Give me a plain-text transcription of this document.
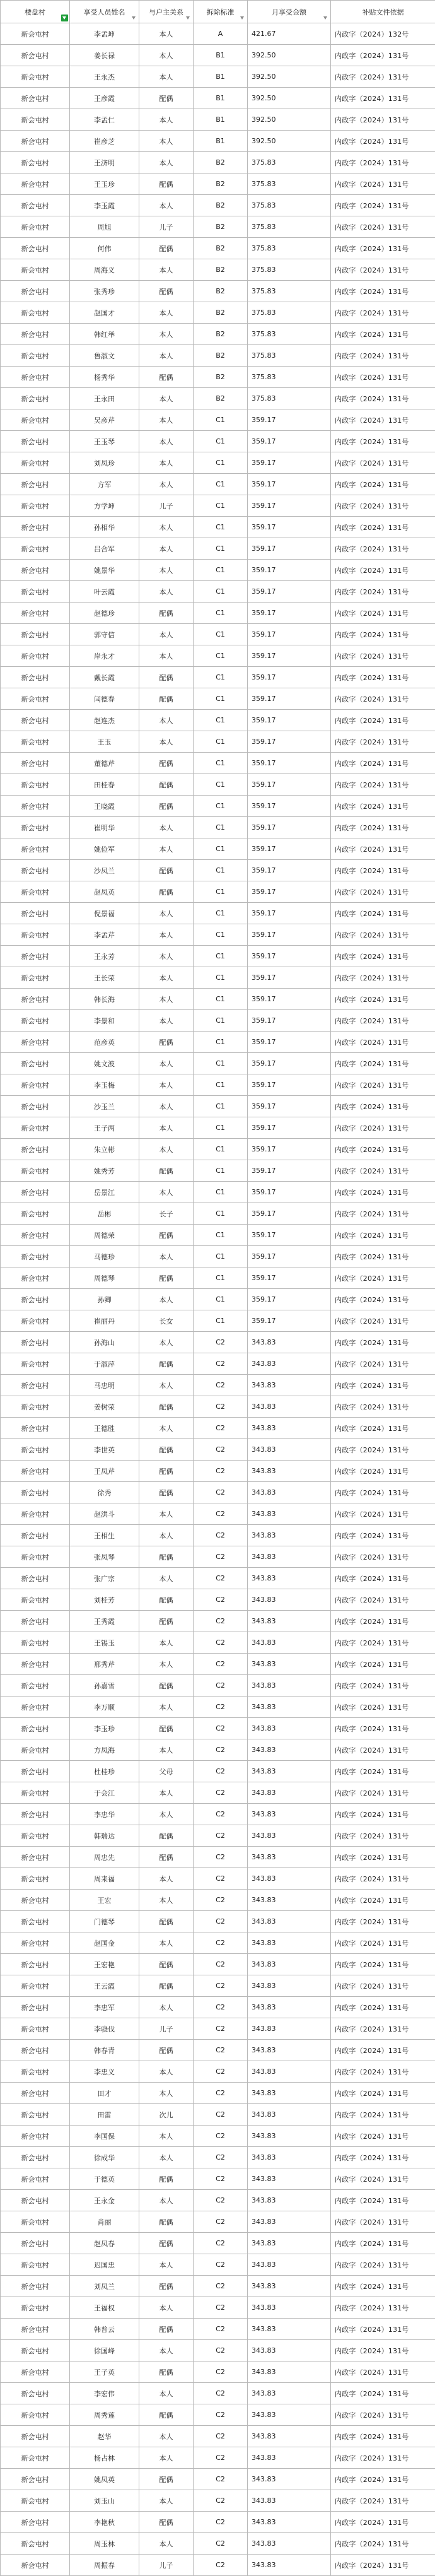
楼盘村	享受人员姓名	与户主关系	拆除标准	月享受金额	补贴文件依据
新会屯村	李孟坤	本人	A	421.67	内政字（2024）132号
新会屯村	姜长禄	本人	B1	392.50	内政字（2024）131号
新会屯村	王永杰	本人	B1	392.50	内政字（2024）131号
新会屯村	王彦霞	配偶	B1	392.50	内政字（2024）131号
新会屯村	李孟仁	本人	B1	392.50	内政字（2024）131号
新会屯村	崔彦芝	本人	B1	392.50	内政字（2024）131号
新会屯村	王济明	本人	B2	375.83	内政字（2024）131号
新会屯村	王玉珍	配偶	B2	375.83	内政字（2024）131号
新会屯村	李玉霞	本人	B2	375.83	内政字（2024）131号
新会屯村	周旭	儿子	B2	375.83	内政字（2024）131号
新会屯村	何伟	配偶	B2	375.83	内政字（2024）131号
新会屯村	周海义	本人	B2	375.83	内政字（2024）131号
新会屯村	张秀珍	配偶	B2	375.83	内政字（2024）131号
新会屯村	赵国才	本人	B2	375.83	内政字（2024）131号
新会屯村	韩红举	本人	B2	375.83	内政字（2024）131号
新会屯村	鲁淑文	本人	B2	375.83	内政字（2024）131号
新会屯村	杨秀华	配偶	B2	375.83	内政字（2024）131号
新会屯村	王永田	本人	B2	375.83	内政字（2024）131号
新会屯村	吴彦芹	本人	C1	359.17	内政字（2024）131号
新会屯村	王玉琴	本人	C1	359.17	内政字（2024）131号
新会屯村	刘凤珍	本人	C1	359.17	内政字（2024）131号
新会屯村	方军	本人	C1	359.17	内政字（2024）131号
新会屯村	方学坤	儿子	C1	359.17	内政字（2024）131号
新会屯村	孙相华	本人	C1	359.17	内政字（2024）131号
新会屯村	吕合军	本人	C1	359.17	内政字（2024）131号
新会屯村	姚景华	本人	C1	359.17	内政字（2024）131号
新会屯村	叶云霞	本人	C1	359.17	内政字（2024）131号
新会屯村	赵德珍	配偶	C1	359.17	内政字（2024）131号
新会屯村	郭守信	本人	C1	359.17	内政字（2024）131号
新会屯村	岸永才	本人	C1	359.17	内政字（2024）131号
新会屯村	戴长霞	配偶	C1	359.17	内政字（2024）131号
新会屯村	闫德春	配偶	C1	359.17	内政字（2024）131号
新会屯村	赵连杰	本人	C1	359.17	内政字（2024）131号
新会屯村	王玉	本人	C1	359.17	内政字（2024）131号
新会屯村	董德芹	配偶	C1	359.17	内政字（2024）131号
新会屯村	田桂春	配偶	C1	359.17	内政字（2024）131号
新会屯村	王晓霞	配偶	C1	359.17	内政字（2024）131号
新会屯村	崔明华	本人	C1	359.17	内政字（2024）131号
新会屯村	姚俭军	本人	C1	359.17	内政字（2024）131号
新会屯村	沙凤兰	配偶	C1	359.17	内政字（2024）131号
新会屯村	赵凤英	配偶	C1	359.17	内政字（2024）131号
新会屯村	倪景福	本人	C1	359.17	内政字（2024）131号
新会屯村	李孟芹	本人	C1	359.17	内政字（2024）131号
新会屯村	王永芳	本人	C1	359.17	内政字（2024）131号
新会屯村	王长荣	本人	C1	359.17	内政字（2024）131号
新会屯村	韩长海	本人	C1	359.17	内政字（2024）131号
新会屯村	李景和	本人	C1	359.17	内政字（2024）131号
新会屯村	范彦英	配偶	C1	359.17	内政字（2024）131号
新会屯村	姚文波	本人	C1	359.17	内政字（2024）131号
新会屯村	李玉梅	本人	C1	359.17	内政字（2024）131号
新会屯村	沙玉兰	本人	C1	359.17	内政字（2024）131号
新会屯村	王子两	本人	C1	359.17	内政字（2024）131号
新会屯村	朱立彬	本人	C1	359.17	内政字（2024）131号
新会屯村	姚秀芳	配偶	C1	359.17	内政字（2024）131号
新会屯村	岳景江	本人	C1	359.17	内政字（2024）131号
新会屯村	岳彬	长子	C1	359.17	内政字（2024）131号
新会屯村	周德荣	配偶	C1	359.17	内政字（2024）131号
新会屯村	马德珍	本人	C1	359.17	内政字（2024）131号
新会屯村	周德琴	配偶	C1	359.17	内政字（2024）131号
新会屯村	孙卿	本人	C1	359.17	内政字（2024）131号
新会屯村	崔丽丹	长女	C1	359.17	内政字（2024）131号
新会屯村	孙海山	本人	C2	343.83	内政字（2024）131号
新会屯村	于淑萍	配偶	C2	343.83	内政字（2024）131号
新会屯村	马忠明	本人	C2	343.83	内政字（2024）131号
新会屯村	姜树荣	配偶	C2	343.83	内政字（2024）131号
新会屯村	王德胜	本人	C2	343.83	内政字（2024）131号
新会屯村	李世英	配偶	C2	343.83	内政字（2024）131号
新会屯村	王凤芹	配偶	C2	343.83	内政字（2024）131号
新会屯村	徐秀	配偶	C2	343.83	内政字（2024）131号
新会屯村	赵洪斗	本人	C2	343.83	内政字（2024）131号
新会屯村	王相生	本人	C2	343.83	内政字（2024）131号
新会屯村	张凤琴	配偶	C2	343.83	内政字（2024）131号
新会屯村	张广宗	本人	C2	343.83	内政字（2024）131号
新会屯村	刘桂芳	配偶	C2	343.83	内政字（2024）131号
新会屯村	王秀霞	配偶	C2	343.83	内政字（2024）131号
新会屯村	王锡玉	本人	C2	343.83	内政字（2024）131号
新会屯村	邢秀芹	本人	C2	343.83	内政字（2024）131号
新会屯村	孙嘉雪	配偶	C2	343.83	内政字（2024）131号
新会屯村	李万顺	本人	C2	343.83	内政字（2024）131号
新会屯村	李玉珍	配偶	C2	343.83	内政字（2024）131号
新会屯村	方凤海	本人	C2	343.83	内政字（2024）131号
新会屯村	杜桂珍	父母	C2	343.83	内政字（2024）131号
新会屯村	于会江	本人	C2	343.83	内政字（2024）131号
新会屯村	李忠华	本人	C2	343.83	内政字（2024）131号
新会屯村	韩瑞达	配偶	C2	343.83	内政字（2024）131号
新会屯村	周忠先	配偶	C2	343.83	内政字（2024）131号
新会屯村	周来福	本人	C2	343.83	内政字（2024）131号
新会屯村	王宏	本人	C2	343.83	内政字（2024）131号
新会屯村	门德琴	配偶	C2	343.83	内政字（2024）131号
新会屯村	赵国金	本人	C2	343.83	内政字（2024）131号
新会屯村	王宏艳	配偶	C2	343.83	内政字（2024）131号
新会屯村	王云霞	配偶	C2	343.83	内政字（2024）131号
新会屯村	李忠军	本人	C2	343.83	内政字（2024）131号
新会屯村	李骁伐	儿子	C2	343.83	内政字（2024）131号
新会屯村	韩春青	配偶	C2	343.83	内政字（2024）131号
新会屯村	李忠义	本人	C2	343.83	内政字（2024）131号
新会屯村	田才	本人	C2	343.83	内政字（2024）131号
新会屯村	田雷	次儿	C2	343.83	内政字（2024）131号
新会屯村	李国保	本人	C2	343.83	内政字（2024）131号
新会屯村	徐成华	本人	C2	343.83	内政字（2024）131号
新会屯村	于德英	配偶	C2	343.83	内政字（2024）131号
新会屯村	王永金	本人	C2	343.83	内政字（2024）131号
新会屯村	肖丽	配偶	C2	343.83	内政字（2024）131号
新会屯村	赵凤春	配偶	C2	343.83	内政字（2024）131号
新会屯村	迟国忠	本人	C2	343.83	内政字（2024）131号
新会屯村	刘凤兰	配偶	C2	343.83	内政字（2024）131号
新会屯村	王福权	本人	C2	343.83	内政字（2024）131号
新会屯村	韩普云	配偶	C2	343.83	内政字（2024）131号
新会屯村	徐国峰	本人	C2	343.83	内政字（2024）131号
新会屯村	王子英	配偶	C2	343.83	内政字（2024）131号
新会屯村	李宏伟	本人	C2	343.83	内政字（2024）131号
新会屯村	周秀莲	配偶	C2	343.83	内政字（2024）131号
新会屯村	赵华	本人	C2	343.83	内政字（2024）131号
新会屯村	杨占林	本人	C2	343.83	内政字（2024）131号
新会屯村	姚凤英	配偶	C2	343.83	内政字（2024）131号
新会屯村	刘玉山	本人	C2	343.83	内政字（2024）131号
新会屯村	李艳秋	配偶	C2	343.83	内政字（2024）131号
新会屯村	周玉林	本人	C2	343.83	内政字（2024）131号
新会屯村	周振春	儿子	C2	343.83	内政字（2024）131号
